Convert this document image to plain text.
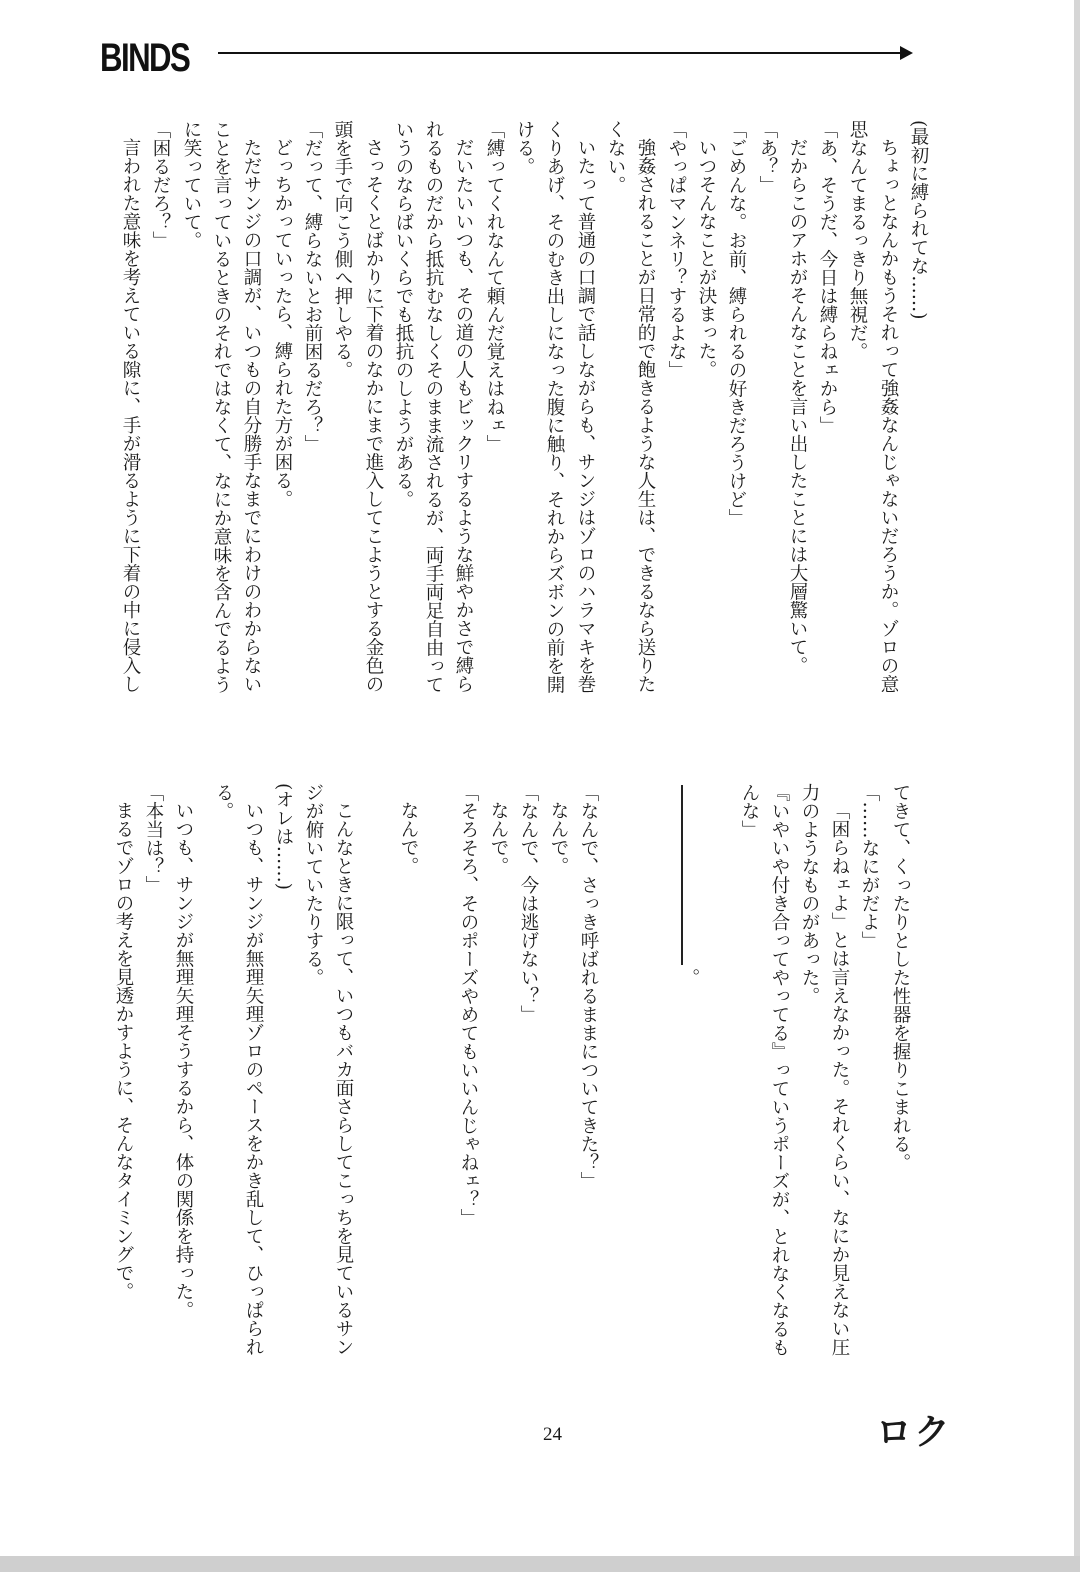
BINDS
(最初に縛られてな……)
ちょっとなんかもうそれって強姦なんじゃないだろうか。ゾロの意
思なんてまるっきり無視だ。
「あ、そうだ、今日は縛らねェから」
だからこのアホがそんなことを言い出したことには大層驚いて。
「あ？」
「ごめんな。お前、縛られるの好きだろうけど」
いつそんなことが決まった。
「やっぱマンネリ？するよな」
強姦されることが日常的で飽きるような人生は、できるなら送りた
くない。
いたって普通の口調で話しながらも、サンジはゾロのハラマキを巻
くりあげ、そのむき出しになった腹に触り、それからズボンの前を開
ける。
「縛ってくれなんて頼んだ覚えはねェ」
だいたいいつも、その道の人もビックリするような鮮やかさで縛ら
れるものだから抵抗むなしくそのまま流されるが、両手両足自由って
いうのならばいくらでも抵抗のしようがある。
さっそくとばかりに下着のなかにまで進入してこようとする金色の
頭を手で向こう側へ押しやる。
「だって、縛らないとお前困るだろ？」
どっちかっていったら、縛られた方が困る。
ただサンジの口調が、いつもの自分勝手なまでにわけのわからない
ことを言っているときのそれではなくて、なにか意味を含んでるよう
に笑っていて。
「困るだろ？」
言われた意味を考えている隙に、手が滑るように下着の中に侵入し
てきて、くったりとした性器を握りこまれる。
「……なにがだよ」
「困らねェよ」とは言えなかった。それくらい、なにか見えない圧
力のようなものがあった。
『いやいや付き合ってやってる』っていうポーズが、とれなくなるも
んな」
。
「なんで、さっき呼ばれるままについてきた？」
なんで。
「なんで、今は逃げない？」
なんで。
「そろそろ、そのポーズやめてもいいんじゃねェ？」
なんで。
こんなときに限って、いつもバカ面さらしてこっちを見ているサン
ジが俯いていたりする。
(オレは……)
いつも、サンジが無理矢理ゾロのペースをかき乱して、ひっぱられ
る。
いつも、サンジが無理矢理そうするから、体の関係を持った。
「本当は？」
まるでゾロの考えを見透かすように、そんなタイミングで。
24	ロク
